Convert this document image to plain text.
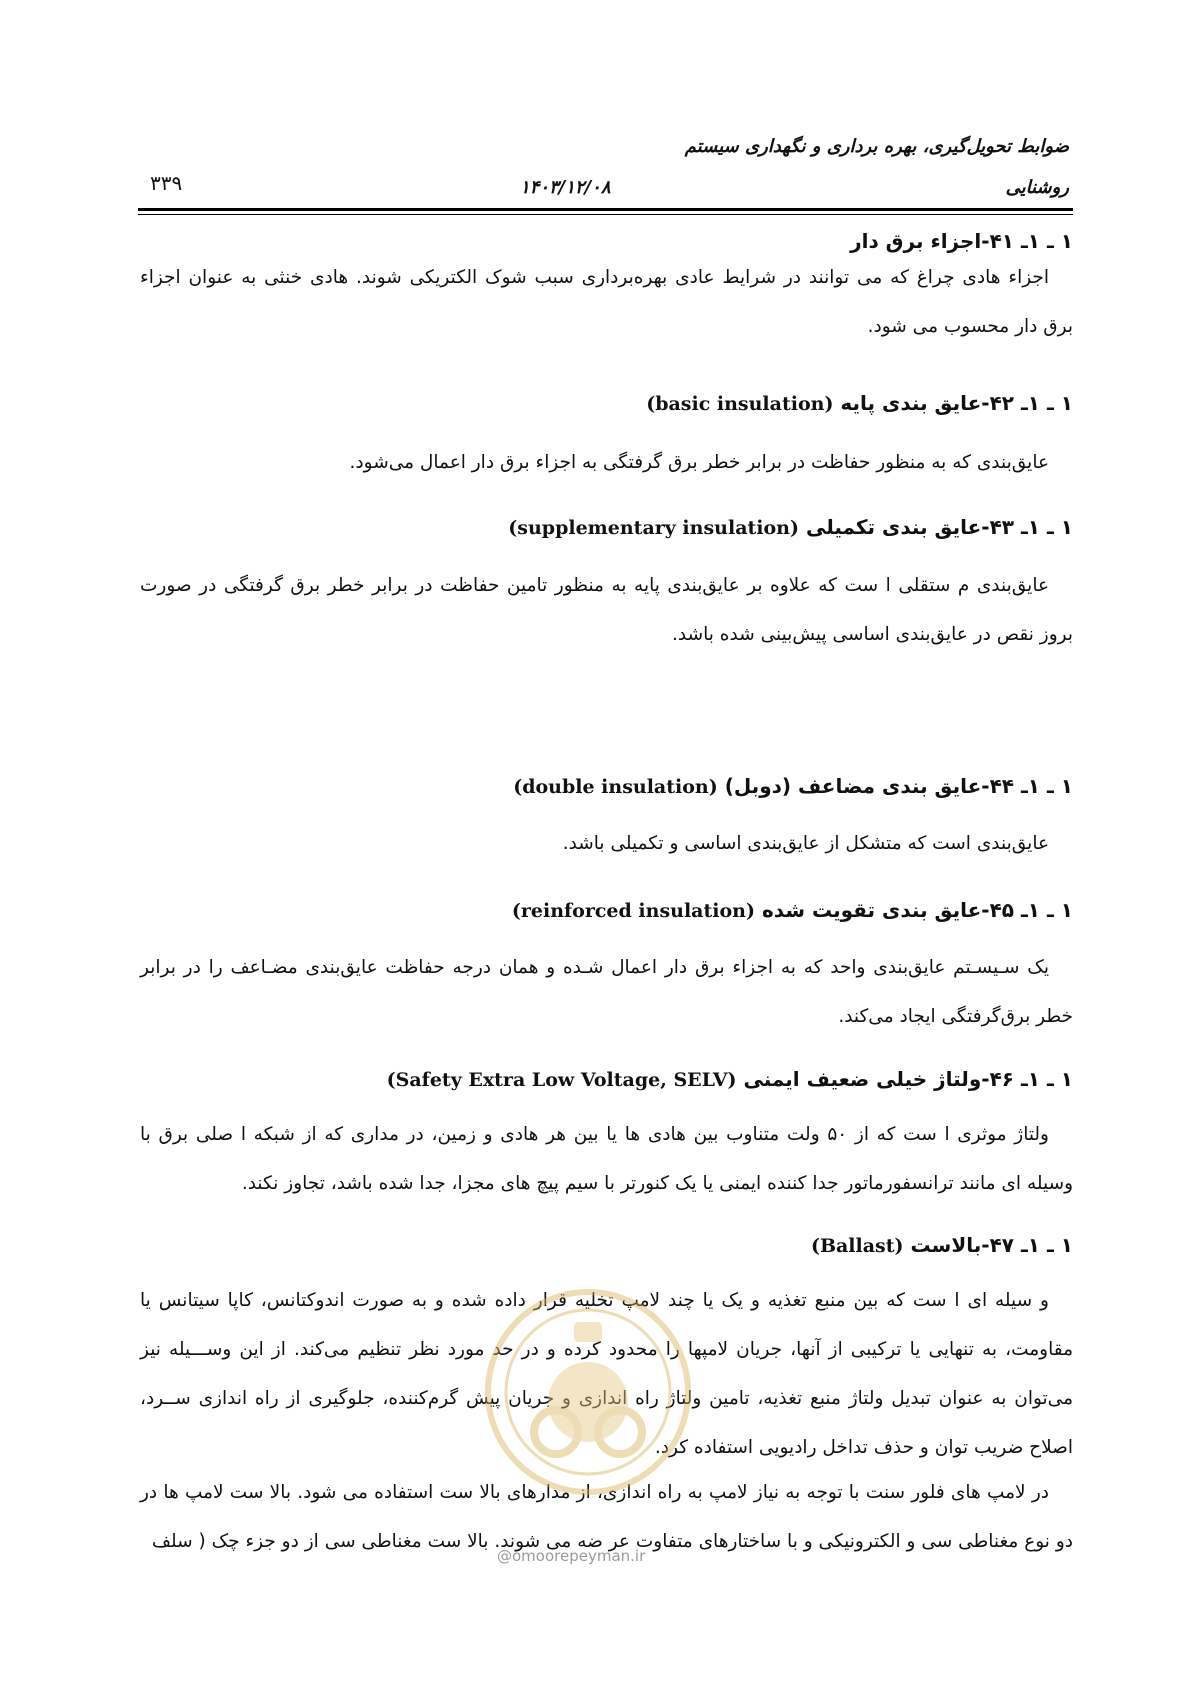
ضوابط تحویل‌گیری، بهره برداری و نگهداری سیستم
روشنایی
۱۴۰۳/۱۲/۰۸
۳۳۹
۱ ـ ۱ـ ۴۱-اجزاء برق دار
اجزاء هادی چراغ که می توانند در شرایط عادی بهره‌برداری سبب شوک الکتریکی شوند. هادی خنثی به عنوان اجزاء برق دار محسوب می شود.
۱ ـ ۱ـ ۴۲-عایق بندی پایه (basic insulation)
عایق‌بندی که به منظور حفاظت در برابر خطر برق گرفتگی به اجزاء برق دار اعمال می‌شود.
۱ ـ ۱ـ ۴۳-عایق بندی تکمیلی (supplementary insulation)
عایق‌بندی م ستقلی ا ست که علاوه بر عایق‌بندی پایه به منظور تامین حفاظت در برابر خطر برق گرفتگی در صورت بروز نقص در عایق‌بندی اساسی پیش‌بینی شده باشد.
۱ ـ ۱ـ ۴۴-عایق بندی مضاعف (دوبل) (double insulation)
عایق‌بندی است که متشکل از عایق‌بندی اساسی و تکمیلی باشد.
۱ ـ ۱ـ ۴۵-عایق بندی تقویت شده (reinforced insulation)
یک سـیسـتم عایق‌بندی واحد که به اجزاء برق دار اعمال شـده و همان درجه حفاظت عایق‌بندی مضـاعف را در برابر خطر برق‌گرفتگی ایجاد می‌کند.
۱ ـ ۱ـ ۴۶-ولتاژ خیلی ضعیف ایمنی (Safety Extra Low Voltage, SELV)
ولتاژ موثری ا ست که از ۵۰ ولت متناوب بین هادی ها یا بین هر هادی و زمین، در مداری که از شبکه ا صلی برق با وسیله ای مانند ترانسفورماتور جدا کننده ایمنی یا یک کنورتر با سیم پیچ های مجزا، جدا شده باشد، تجاوز نکند.
۱ ـ ۱ـ ۴۷-بالاست (Ballast)
و سیله ای ا ست که بین منبع تغذیه و یک یا چند لامپ تخلیه قرار داده شده و به صورت اندوکتانس، کاپا سیتانس یا مقاومت، به تنهایی یا ترکیبی از آنها، جریان لامپها را محدود کرده و در حد مورد نظر تنظیم می‌کند. از این وســـیله نیز می‌توان به عنوان تبدیل ولتاژ منبع تغذیه، تامین ولتاژ راه اندازی و جریان پیش گرم‌کننده، جلوگیری از راه اندازی ســرد، اصلاح ضریب توان و حذف تداخل رادیویی استفاده کرد.
در لامپ های فلور سنت با توجه به نیاز لامپ به راه اندازی، از مدارهای بالا ست استفاده می شود. بالا ست لامپ ها در دو نوع مغناطی سی و الکترونیکی و با ساختارهای متفاوت عر ضه می شوند. بالا ست مغناطی سی از دو جزء چک ( سلف
@omoorepeyman.ir
